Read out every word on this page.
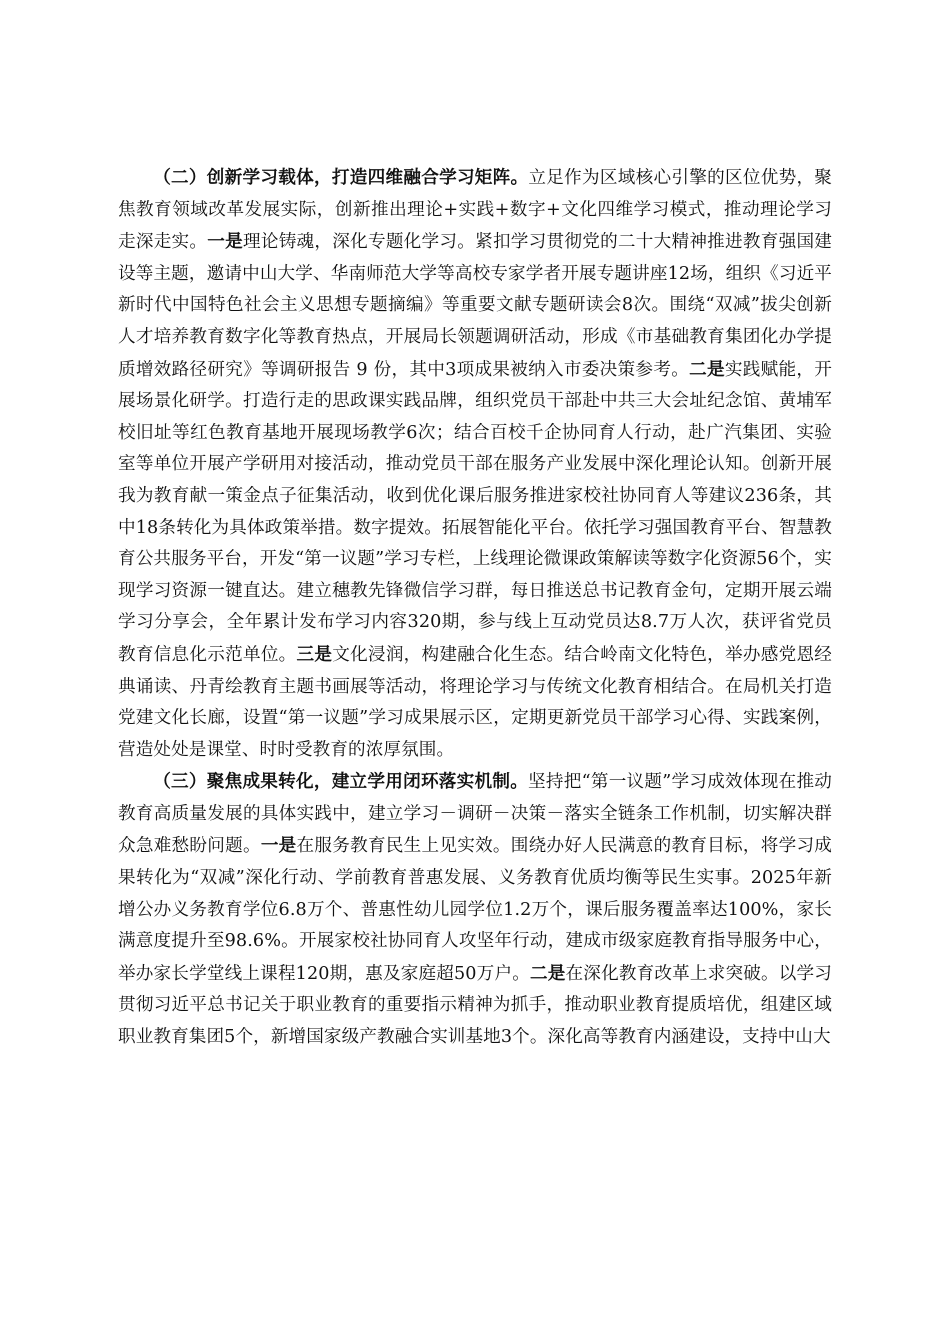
（二）创新学习载体，打造四维融合学习矩阵。立足作为区域核心引擎的区位优势，聚焦教育领域改革发展实际，创新推出理论+实践+数字+文化四维学习模式，推动理论学习走深走实。一是理论铸魂，深化专题化学习。紧扣学习贯彻党的二十大精神推进教育强国建设等主题，邀请中山大学、华南师范大学等高校专家学者开展专题讲座12场，组织《习近平新时代中国特色社会主义思想专题摘编》等重要文献专题研读会8次。围绕“双减”拔尖创新人才培养教育数字化等教育热点，开展局长领题调研活动，形成《市基础教育集团化办学提质增效路径研究》等调研报告 9 份，其中3项成果被纳入市委决策参考。二是实践赋能，开展场景化研学。打造行走的思政课实践品牌，组织党员干部赴中共三大会址纪念馆、黄埔军校旧址等红色教育基地开展现场教学6次；结合百校千企协同育人行动，赴广汽集团、实验室等单位开展产学研用对接活动，推动党员干部在服务产业发展中深化理论认知。创新开展我为教育献一策金点子征集活动，收到优化课后服务推进家校社协同育人等建议236条，其中18条转化为具体政策举措。数字提效。拓展智能化平台。依托学习强国教育平台、智慧教育公共服务平台，开发“第一议题”学习专栏，上线理论微课政策解读等数字化资源56个，实现学习资源一键直达。建立穗教先锋微信学习群，每日推送总书记教育金句，定期开展云端学习分享会，全年累计发布学习内容320期，参与线上互动党员达8.7万人次，获评省党员教育信息化示范单位。三是文化浸润，构建融合化生态。结合岭南文化特色，举办感党恩经典诵读、丹青绘教育主题书画展等活动，将理论学习与传统文化教育相结合。在局机关打造党建文化长廊，设置“第一议题”学习成果展示区，定期更新党员干部学习心得、实践案例，营造处处是课堂、时时受教育的浓厚氛围。

（三）聚焦成果转化，建立学用闭环落实机制。坚持把“第一议题”学习成效体现在推动教育高质量发展的具体实践中，建立学习－调研－决策－落实全链条工作机制，切实解决群众急难愁盼问题。一是在服务教育民生上见实效。围绕办好人民满意的教育目标，将学习成果转化为“双减”深化行动、学前教育普惠发展、义务教育优质均衡等民生实事。2025年新增公办义务教育学位6.8万个、普惠性幼儿园学位1.2万个，课后服务覆盖率达100%，家长满意度提升至98.6%。开展家校社协同育人攻坚年行动，建成市级家庭教育指导服务中心，举办家长学堂线上课程120期，惠及家庭超50万户。二是在深化教育改革上求突破。以学习贯彻习近平总书记关于职业教育的重要指示精神为抓手，推动职业教育提质培优，组建区域职业教育集团5个，新增国家级产教融合实训基地3个。深化高等教育内涵建设，支持中山大
